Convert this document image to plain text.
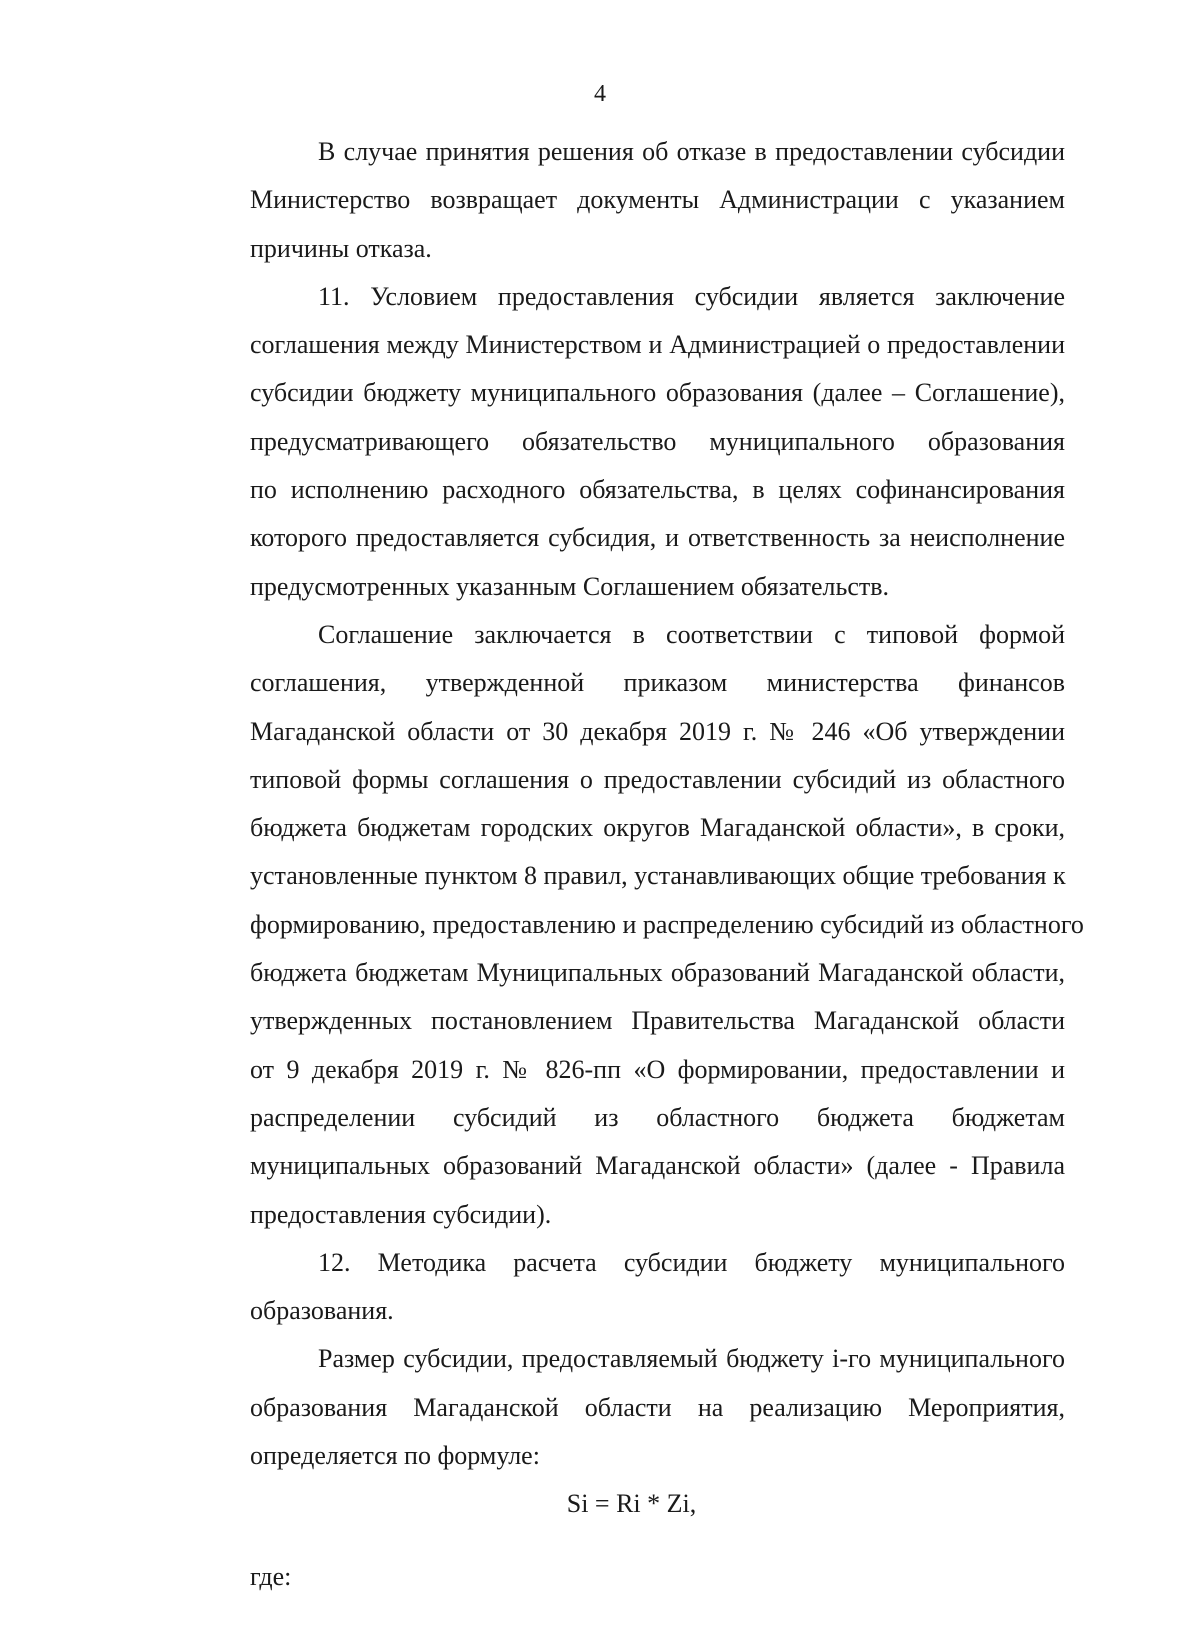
4

В случае принятия решения об отказе в предоставлении субсидии
Министерство возвращает документы Администрации с указанием
причины отказа.

11. Условием предоставления субсидии является заключение
соглашения между Министерством и Администрацией о предоставлении
субсидии бюджету муниципального образования (далее – Соглашение),
предусматривающего обязательство муниципального образования
по исполнению расходного обязательства, в целях софинансирования
которого предоставляется субсидия, и ответственность за неисполнение
предусмотренных указанным Соглашением обязательств.

Соглашение заключается в соответствии с типовой формой
соглашения, утвержденной приказом министерства финансов
Магаданской области от 30 декабря 2019 г. № 246 «Об утверждении
типовой формы соглашения о предоставлении субсидий из областного
бюджета бюджетам городских округов Магаданской области», в сроки,
установленные пунктом 8 правил, устанавливающих общие требования к
формированию, предоставлению и распределению субсидий из областного
бюджета бюджетам Муниципальных образований Магаданской области,
утвержденных постановлением Правительства Магаданской области
от 9 декабря 2019 г. № 826-пп «О формировании, предоставлении и
распределении субсидий из областного бюджета бюджетам
муниципальных образований Магаданской области» (далее - Правила
предоставления субсидии).

12. Методика расчета субсидии бюджету муниципального
образования.

Размер субсидии, предоставляемый бюджету i-го муниципального
образования Магаданской области на реализацию Мероприятия,
определяется по формуле:

Si = Ri * Zi,

где:
